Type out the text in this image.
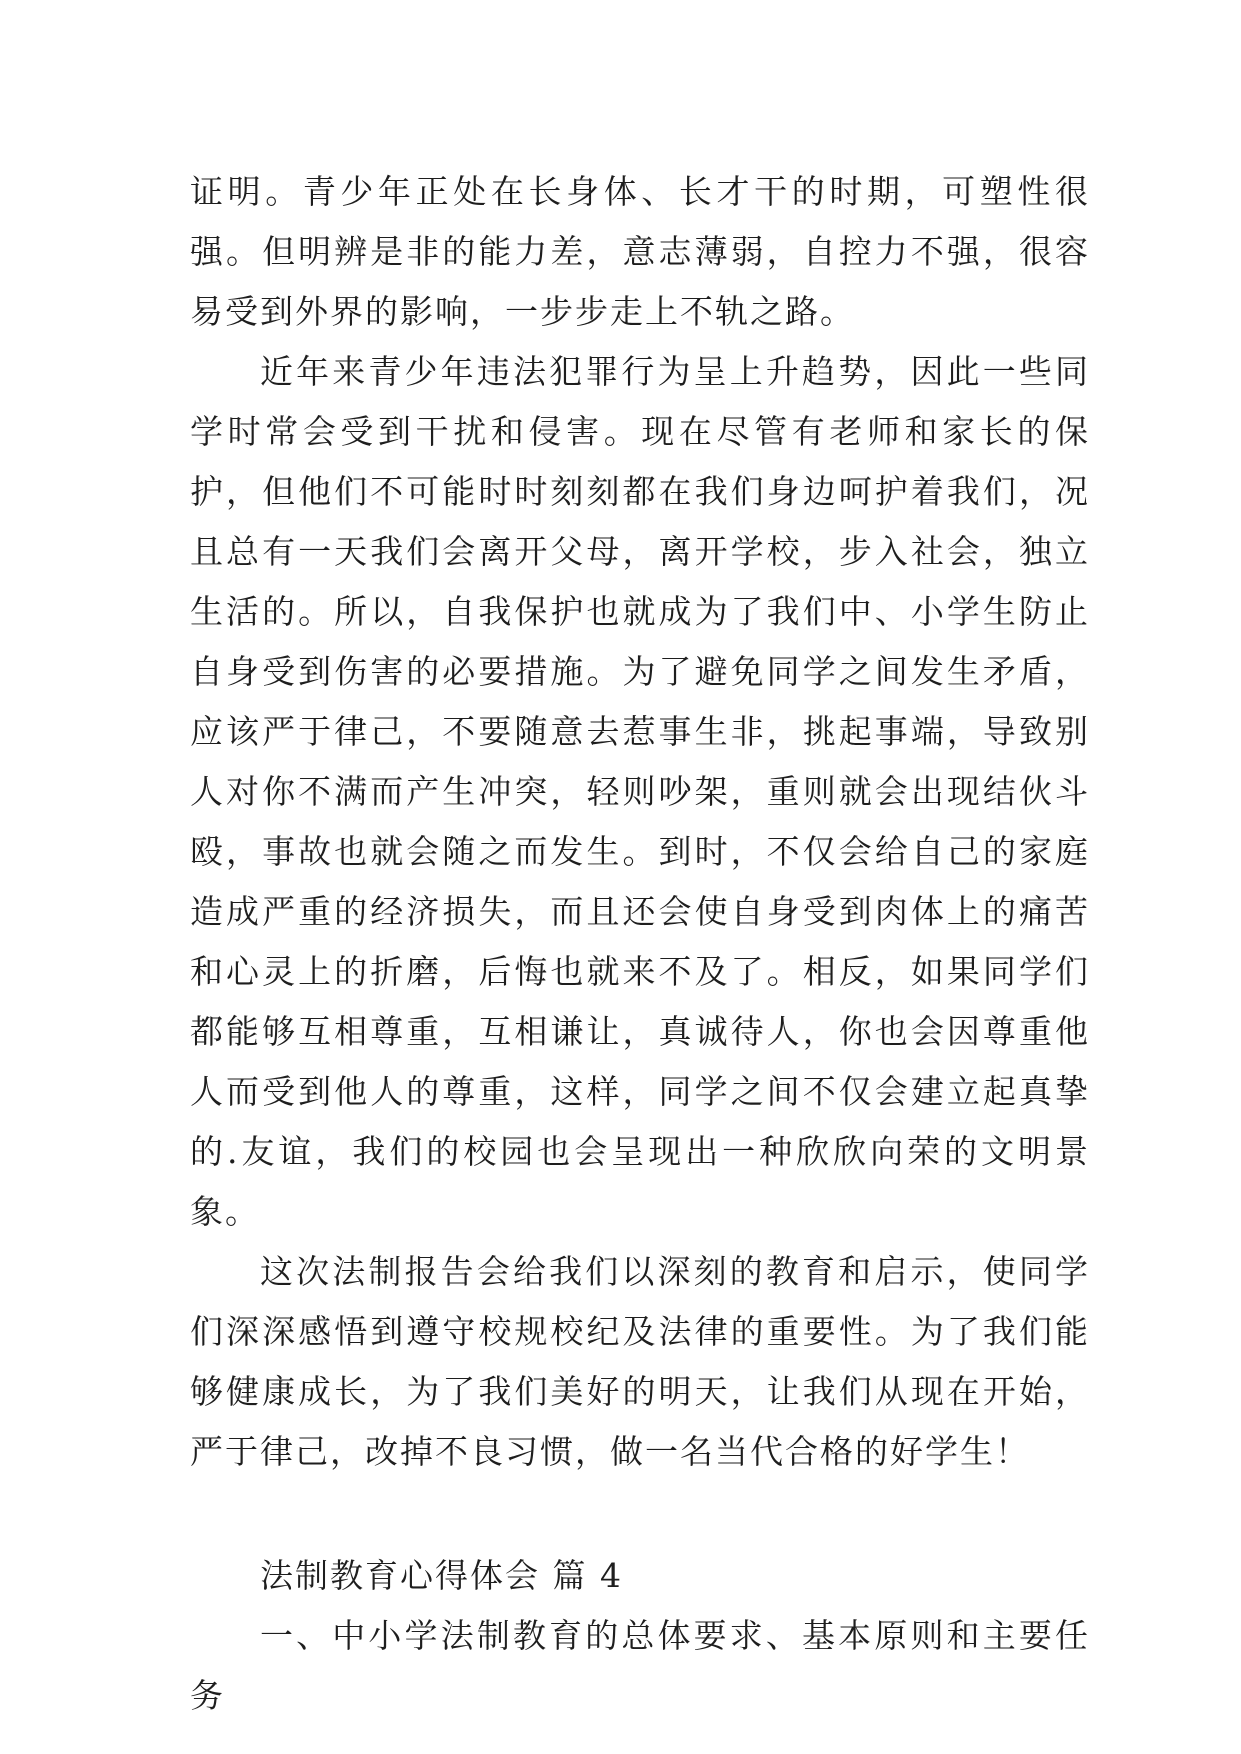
证明。青少年正处在长身体、长才干的时期，可塑性很强。但明辨是非的能力差，意志薄弱，自控力不强，很容易受到外界的影响，一步步走上不轨之路。

近年来青少年违法犯罪行为呈上升趋势，因此一些同学时常会受到干扰和侵害。现在尽管有老师和家长的保护，但他们不可能时时刻刻都在我们身边呵护着我们，况且总有一天我们会离开父母，离开学校，步入社会，独立生活的。所以，自我保护也就成为了我们中、小学生防止自身受到伤害的必要措施。为了避免同学之间发生矛盾，应该严于律己，不要随意去惹事生非，挑起事端，导致别人对你不满而产生冲突，轻则吵架，重则就会出现结伙斗殴，事故也就会随之而发生。到时，不仅会给自己的家庭造成严重的经济损失，而且还会使自身受到肉体上的痛苦和心灵上的折磨，后悔也就来不及了。相反，如果同学们都能够互相尊重，互相谦让，真诚待人，你也会因尊重他人而受到他人的尊重，这样，同学之间不仅会建立起真挚的.友谊，我们的校园也会呈现出一种欣欣向荣的文明景象。

这次法制报告会给我们以深刻的教育和启示，使同学们深深感悟到遵守校规校纪及法律的重要性。为了我们能够健康成长，为了我们美好的明天，让我们从现在开始，严于律己，改掉不良习惯，做一名当代合格的好学生！

法制教育心得体会 篇 4

一、中小学法制教育的总体要求、基本原则和主要任务
